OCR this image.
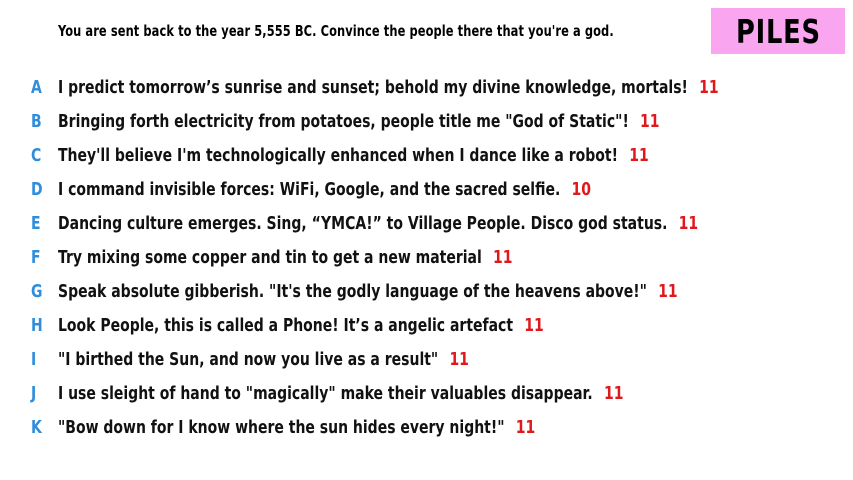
You are sent back to the year 5,555 BC. Convince the people there that you're a god.	PILES
A I predict tomorrow’s sunrise and sunset; behold my divine knowledge, mortals! 11
B Bringing forth electricity from potatoes, people title me "God of Static"! 11
C They'll believe I'm technologically enhanced when I dance like a robot! 11
D I command invisible forces: WiFi, Google, and the sacred selfie. 10
E Dancing culture emerges. Sing, “YMCA!” to Village People. Disco god status. 11
F Try mixing some copper and tin to get a new material 11
G Speak absolute gibberish. "It's the godly language of the heavens above!" 11
H Look People, this is called a Phone! It’s a angelic artefact 11
I	"I birthed the Sun, and now you live as a result" 11
J	I use sleight of hand to "magically" make their valuables disappear. 11
K "Bow down for I know where the sun hides every night!" 11
